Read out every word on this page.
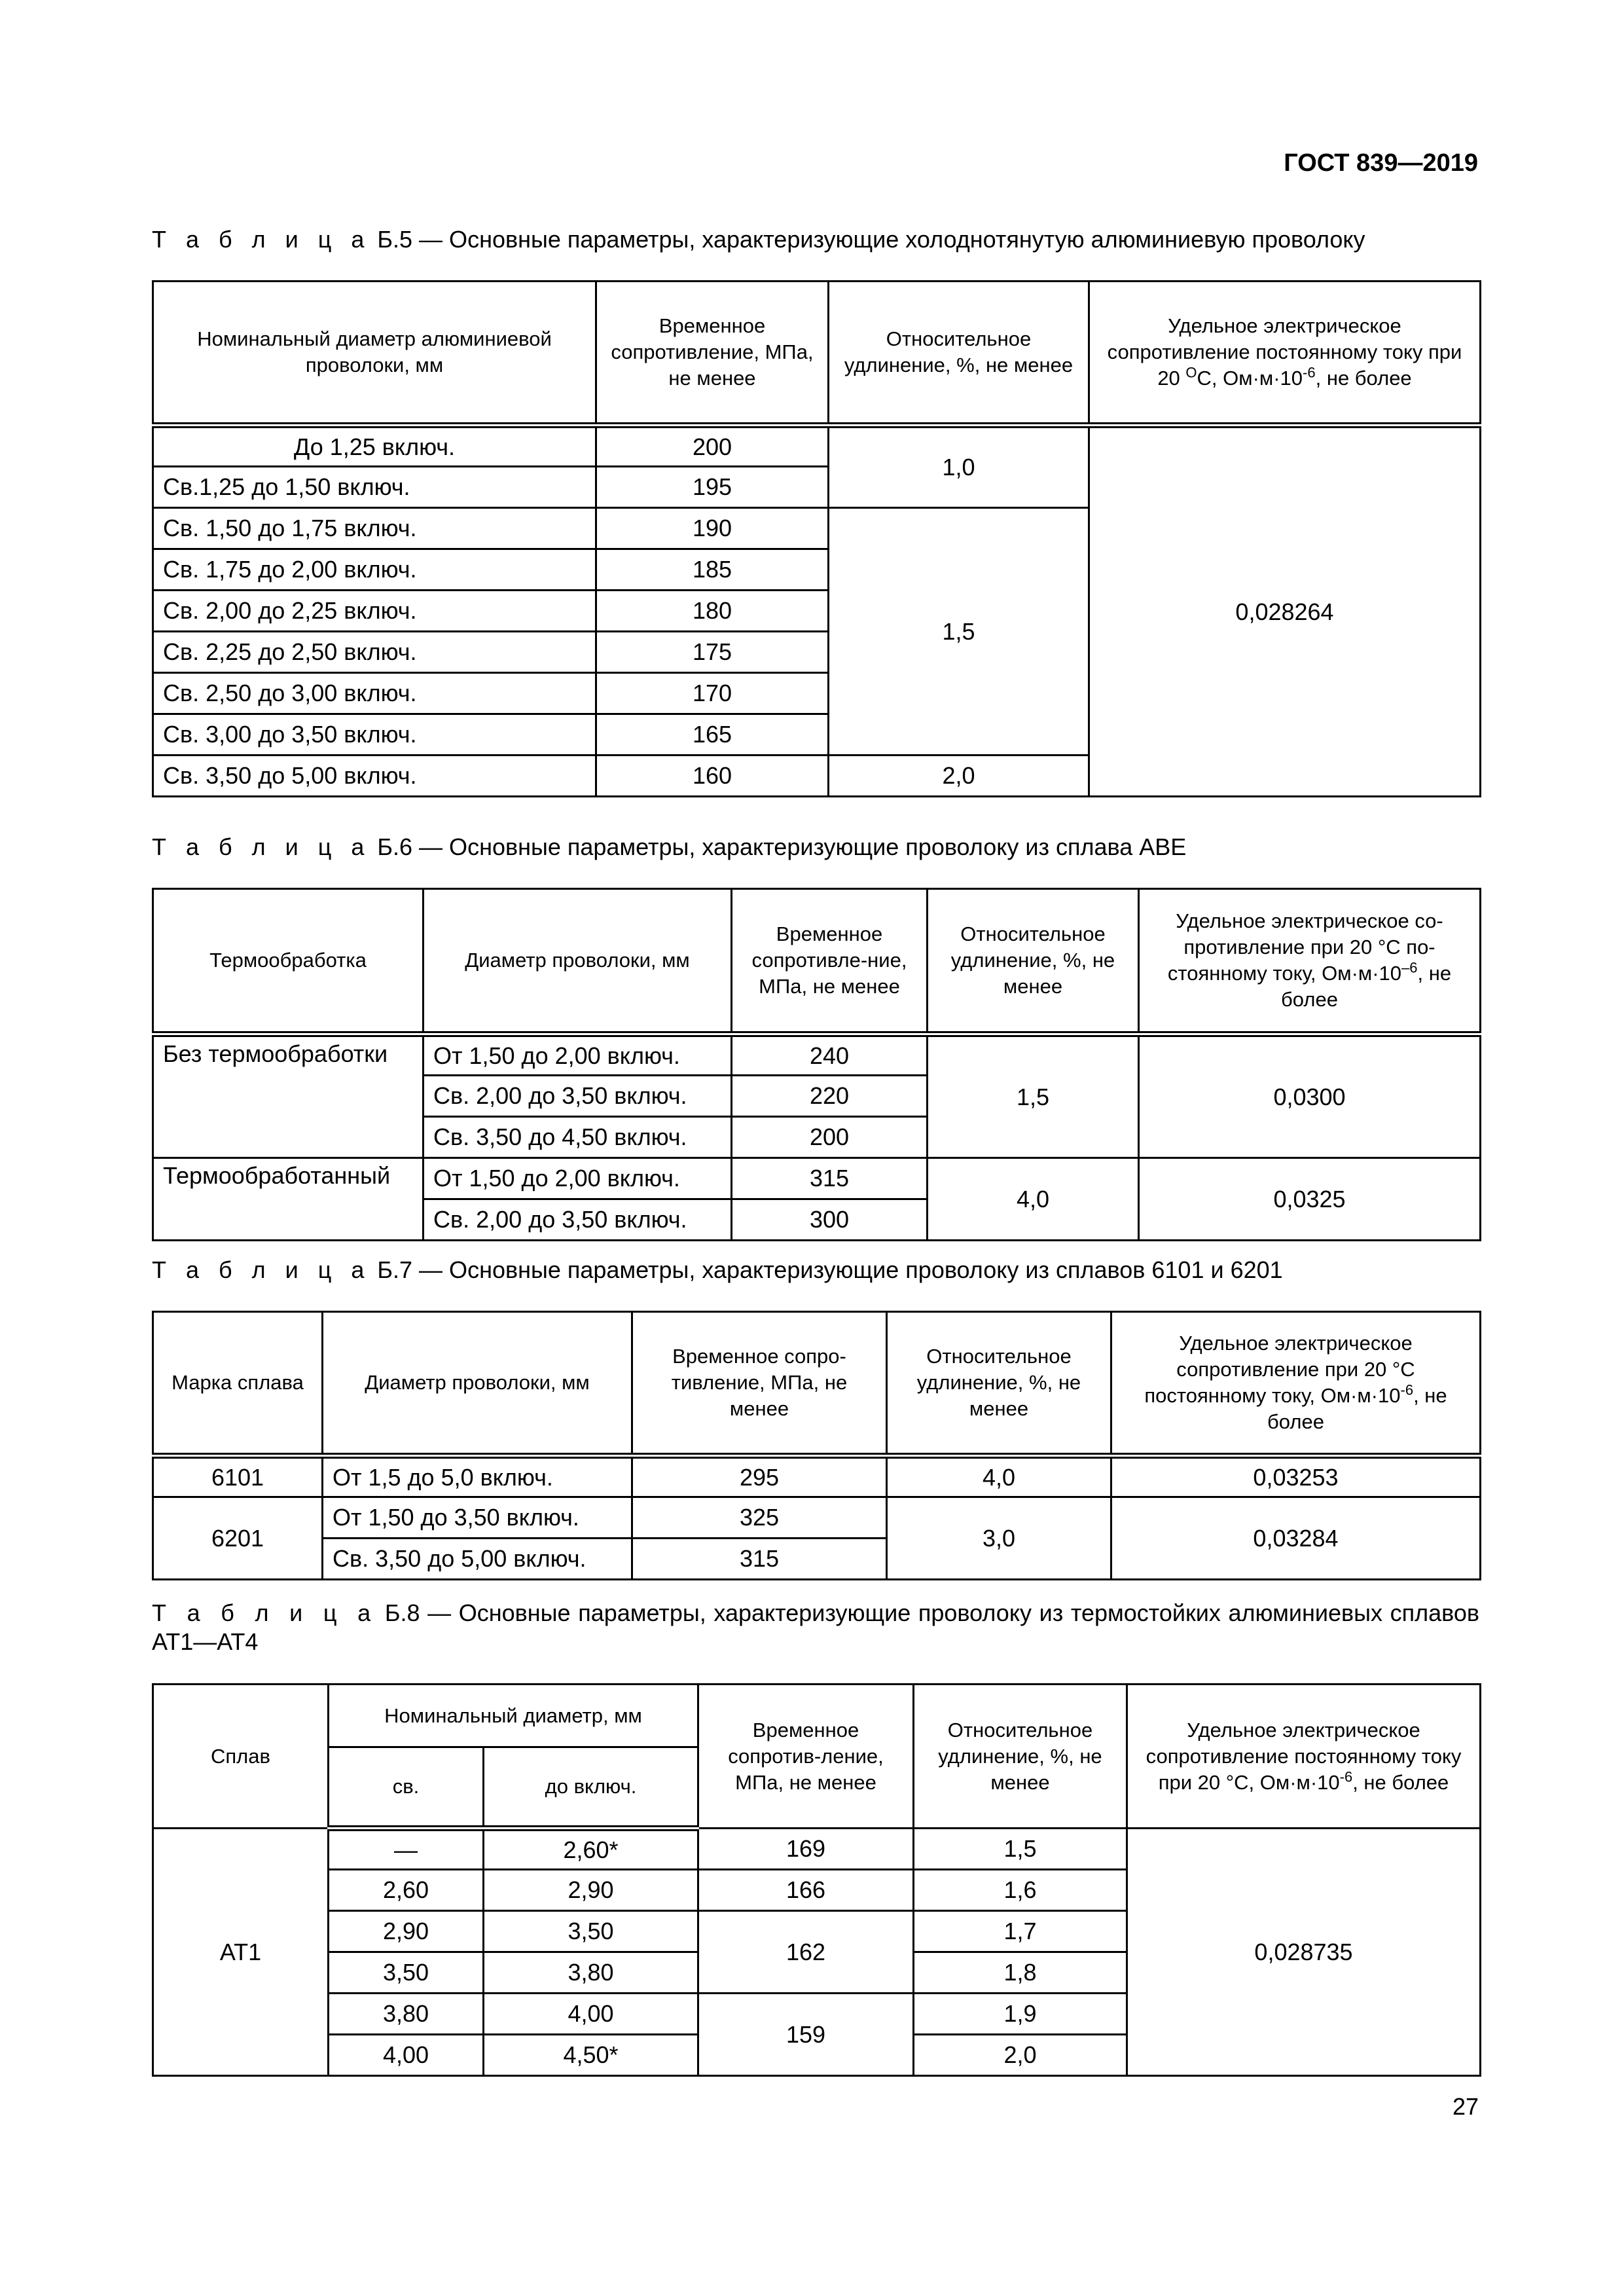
ГОСТ 839—2019
Т а б л и ц а Б.5 — Основные параметры, характеризующие холоднотянутую алюминиевую проволоку
Номинальный диаметр алюминиевой проволоки, мм	Временное сопротивление, МПа, не менее	Относительное удлинение, %, не менее	Удельное электрическое сопротивление постоянному току при 20 $^О$С, $Ом\cdot м\cdot 10^{-6}$, не более
До 1,25 включ.	200	1,0	0,028264
Св.1,25 до 1,50 включ.	195		
Св. 1,50 до 1,75 включ.	190	1,5	
Св. 1,75 до 2,00 включ.	185		
Св. 2,00 до 2,25 включ.	180		
Св. 2,25 до 2,50 включ.	175		
Св. 2,50 до 3,00 включ.	170		
Св. 3,00 до 3,50 включ.	165		
Св. 3,50 до 5,00 включ.	160	2,0	
Т а б л и ц а Б.6 — Основные параметры, характеризующие проволоку из сплава АВЕ
Термообработка	Диаметр проволоки, мм	Временное сопротивле-ние, МПа, не менее	Относительное удлинение, %, не менее	Удельное электрическое со-противление при 20 °С по-стоянному току, $Ом\cdot м\cdot 10^{-6}$, не более
Без термообработки	От 1,50 до 2,00 включ.	240	1,5	0,0300
	Св. 2,00 до 3,50 включ.	220		
	Св. 3,50 до 4,50 включ.	200		
Термообработанный	От 1,50 до 2,00 включ.	315	4,0	0,0325
	Св. 2,00 до 3,50 включ.	300		
Т а б л и ц а Б.7 — Основные параметры, характеризующие проволоку из сплавов 6101 и 6201
Марка сплава	Диаметр проволоки, мм	Временное сопро-тивление, МПа, не менее	Относительное удлинение, %, не менее	Удельное электрическое сопротивление при 20 °С постоянному току, $Ом\cdot м\cdot 10^{-6}$, не более
6101	От 1,5 до 5,0 включ.	295	4,0	0,03253
6201	От 1,50 до 3,50 включ.	325	3,0	0,03284
	Св. 3,50 до 5,00 включ.	315		
Т а б л и ц а Б.8 — Основные параметры, характеризующие проволоку из термостойких алюминиевых сплавов АТ1—АТ4
Сплав	Номинальный диаметр, мм		Временное сопротив-ление, МПа, не менее	Относительное удлинение, %, не менее	Удельное электрическое сопротивление постоянному току при 20 °С, $Ом\cdot м\cdot 10^{-6}$, не более
	св.	до включ.			
АТ1	—	2,60*	169	1,5	0,028735
	2,60	2,90	166	1,6	
	2,90	3,50	162	1,7	
	3,50	3,80		1,8	
	3,80	4,00	159	1,9	
	4,00	4,50*		2,0	
27
